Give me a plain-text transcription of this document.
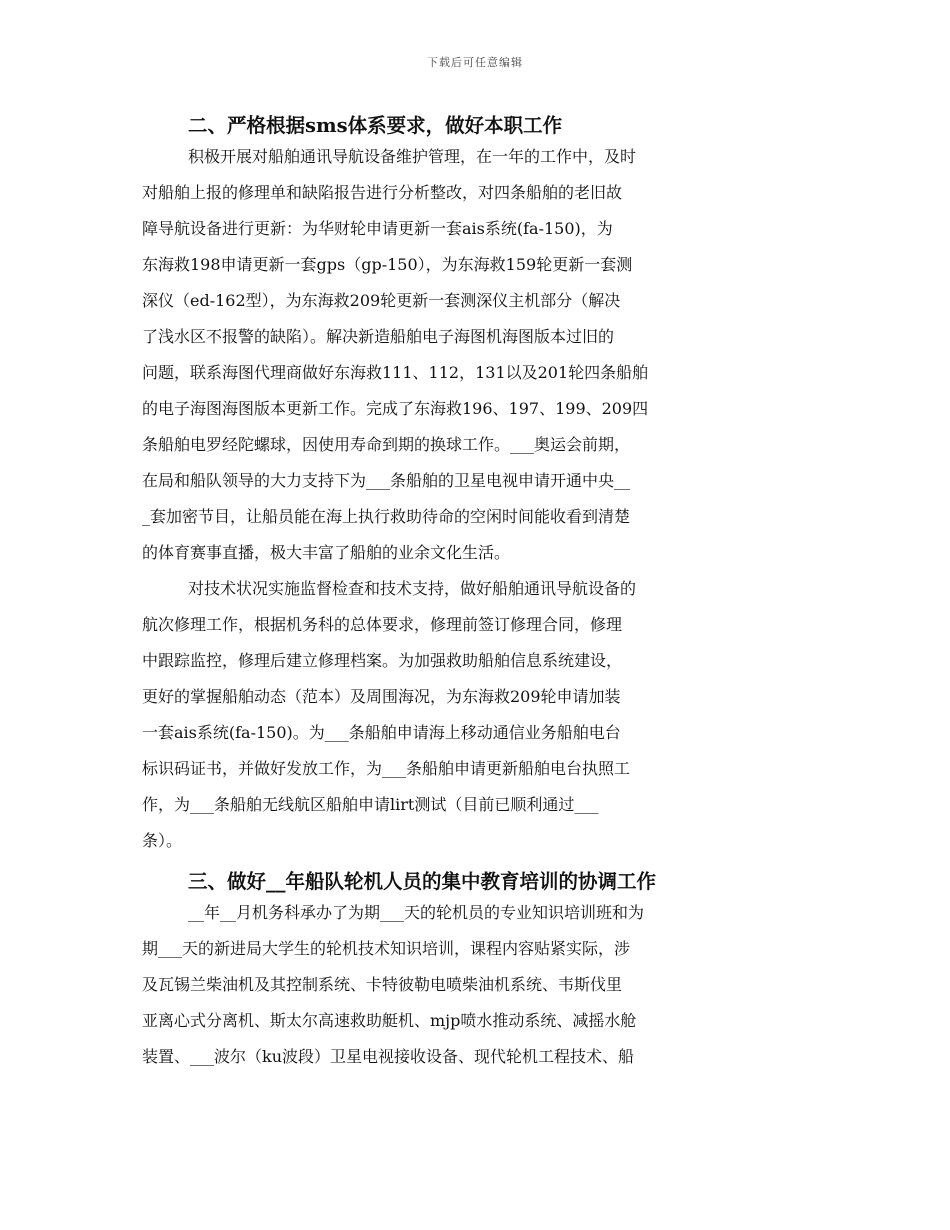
下载后可任意编辑
二、严格根据sms体系要求，做好本职工作
积极开展对船舶通讯导航设备维护管理，在一年的工作中，及时
对船舶上报的修理单和缺陷报告进行分析整改，对四条船舶的老旧故
障导航设备进行更新：为华财轮申请更新一套ais系统(fa-150)，为
东海救198申请更新一套gps（gp-150），为东海救159轮更新一套测
深仪（ed-162型），为东海救209轮更新一套测深仪主机部分（解决
了浅水区不报警的缺陷）。解决新造船舶电子海图机海图版本过旧的
问题，联系海图代理商做好东海救111、112，131以及201轮四条船舶
的电子海图海图版本更新工作。完成了东海救196、197、199、209四
条船舶电罗经陀螺球，因使用寿命到期的换球工作。___奥运会前期，
在局和船队领导的大力支持下为___条船舶的卫星电视申请开通中央__
_套加密节目，让船员能在海上执行救助待命的空闲时间能收看到清楚
的体育赛事直播，极大丰富了船舶的业余文化生活。
对技术状况实施监督检查和技术支持，做好船舶通讯导航设备的
航次修理工作，根据机务科的总体要求，修理前签订修理合同，修理
中跟踪监控，修理后建立修理档案。为加强救助船舶信息系统建设，
更好的掌握船舶动态（范本）及周围海况，为东海救209轮申请加装
一套ais系统(fa-150)。为___条船舶申请海上移动通信业务船舶电台
标识码证书，并做好发放工作，为___条船舶申请更新船舶电台执照工
作，为___条船舶无线航区船舶申请lirt测试（目前已顺利通过___
条）。
三、做好__年船队轮机人员的集中教育培训的协调工作
__年__月机务科承办了为期___天的轮机员的专业知识培训班和为
期___天的新进局大学生的轮机技术知识培训，课程内容贴紧实际，涉
及瓦锡兰柴油机及其控制系统、卡特彼勒电喷柴油机系统、韦斯伐里
亚离心式分离机、斯太尔高速救助艇机、mjp喷水推动系统、减摇水舱
装置、___波尔（ku波段）卫星电视接收设备、现代轮机工程技术、船
